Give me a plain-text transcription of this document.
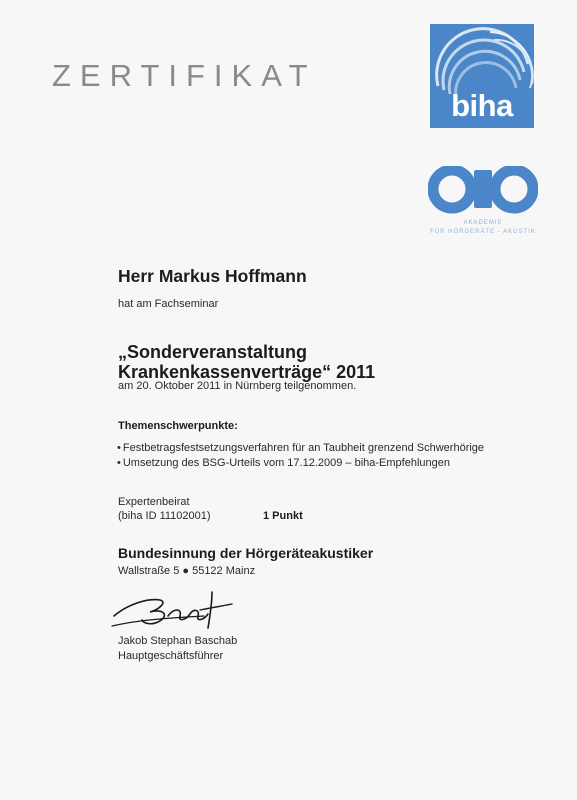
ZERTIFIKAT
biha
AKADEMIE
FÜR HÖRGERÄTE - AKUSTIK
Herr Markus Hoffmann
hat am Fachseminar
„Sonderveranstaltung
Krankenkassenverträge“ 2011
am 20. Oktober 2011 in Nürnberg teilgenommen.
Themenschwerpunkte:
• Festbetragsfestsetzungsverfahren für an Taubheit grenzend Schwerhörige
• Umsetzung des BSG-Urteils vom 17.12.2009 – biha-Empfehlungen
Expertenbeirat
(biha ID 11102001)	1 Punkt
Bundesinnung der Hörgeräteakustiker
Wallstraße 5 ● 55122 Mainz
Jakob Stephan Baschab
Hauptgeschäftsführer
